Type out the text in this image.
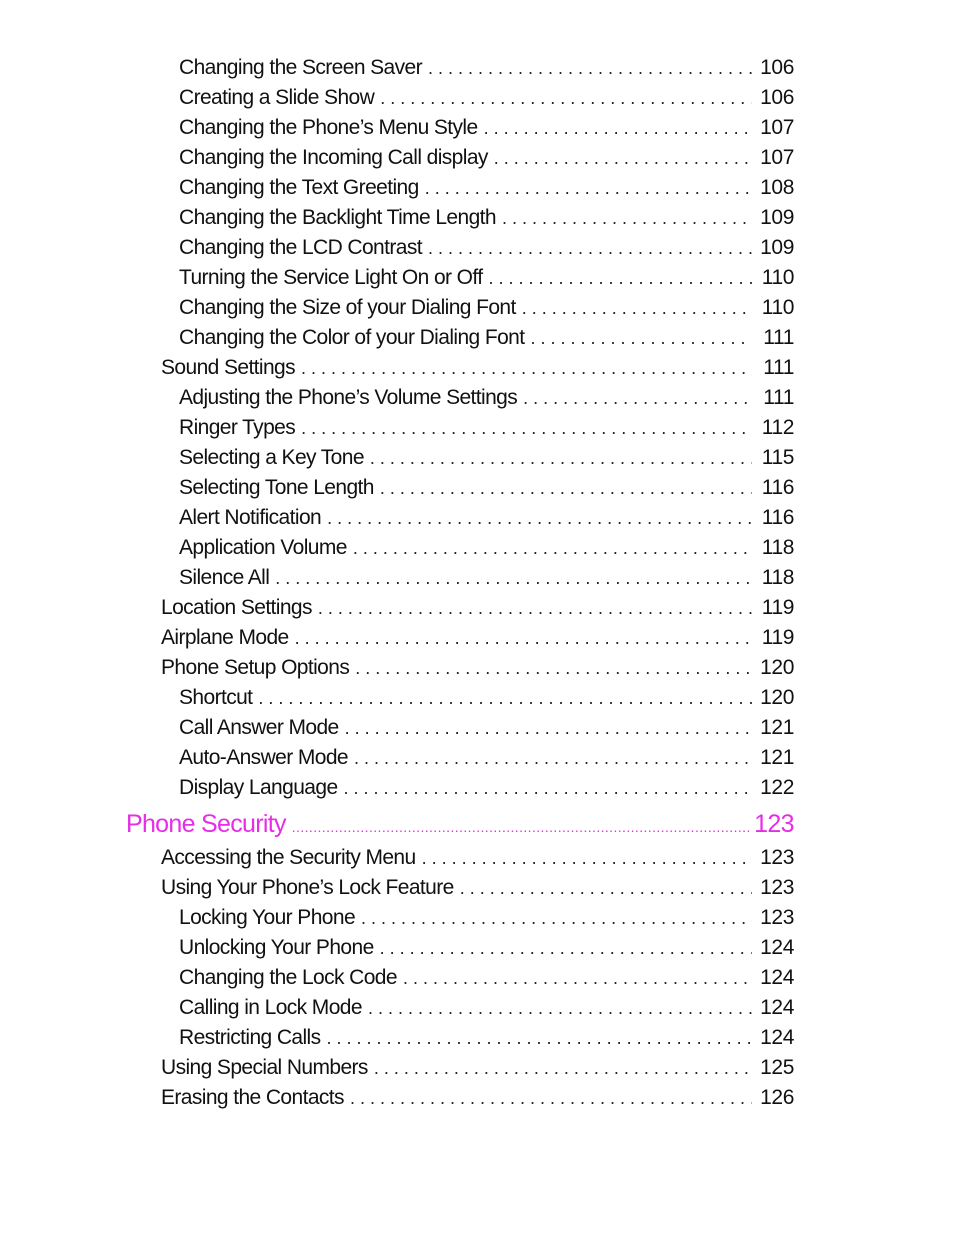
Changing the Screen Saver . . .	106
Creating a Slide Show . . .	106
Changing the Phone’s Menu Style . . .	107
Changing the Incoming Call display . . .	107
Changing the Text Greeting . . .	108
Changing the Backlight Time Length . . .	109
Changing the LCD Contrast . . .	109
Turning the Service Light On or Off . . .	110
Changing the Size of your Dialing Font . . .	110
Changing the Color of your Dialing Font . . .	111
Sound Settings . . .	111
Adjusting the Phone’s Volume Settings . . .	111
Ringer Types . . .	112
Selecting a Key Tone . . .	115
Selecting Tone Length . . .	116
Alert Notification . . .	116
Application Volume . . .	118
Silence All . . .	118
Location Settings . . .	119
Airplane Mode . . .	119
Phone Setup Options . . .	120
Shortcut . . .	120
Call Answer Mode . . .	121
Auto-Answer Mode . . .	121
Display Language . . .	122
Phone Security .....	123
Accessing the Security Menu . . .	123
Using Your Phone’s Lock Feature . . .	123
Locking Your Phone . . .	123
Unlocking Your Phone . . .	124
Changing the Lock Code . . .	124
Calling in Lock Mode . . .	124
Restricting Calls . . .	124
Using Special Numbers . . .	125
Erasing the Contacts . . .	126
